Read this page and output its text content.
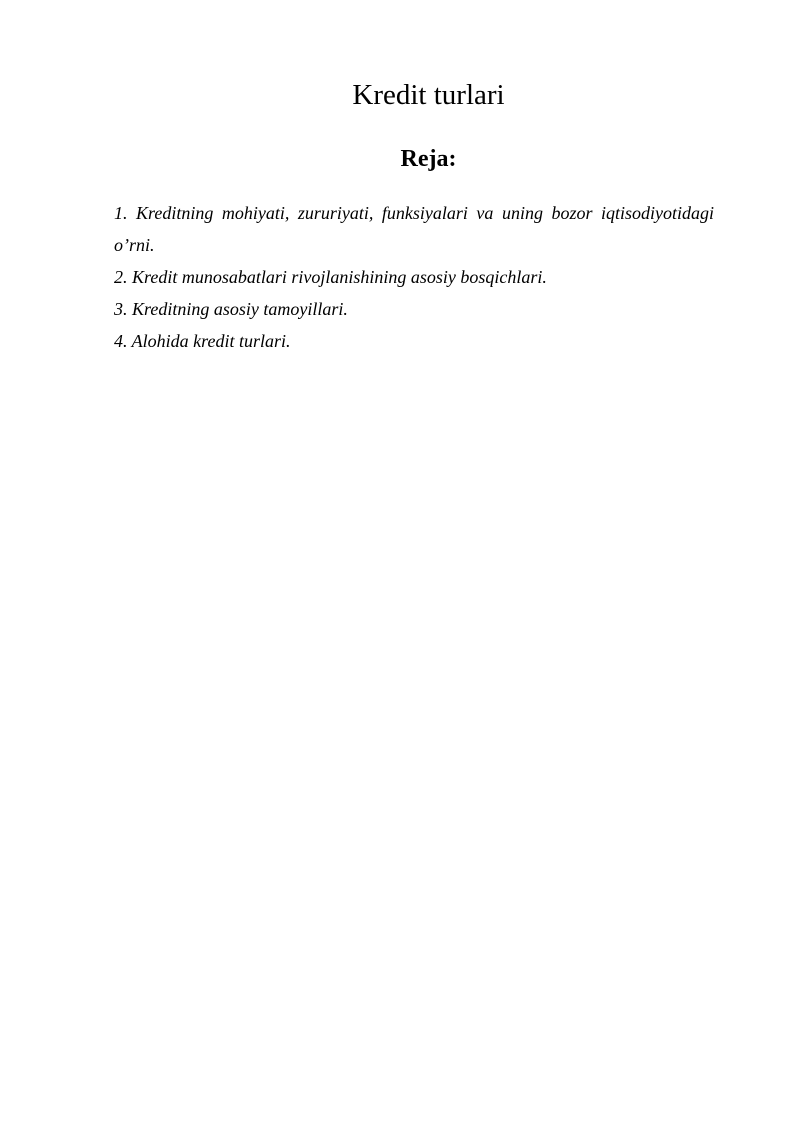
Kredit turlari
Reja:
1. Kreditning mohiyati, zururiyati, funksiyalari va uning bozor iqtisodiyotidagi o’rni.
2. Kredit munosabatlari rivojlanishining asosiy bosqichlari.
3. Kreditning asosiy tamoyillari.
4. Alohida kredit turlari.
